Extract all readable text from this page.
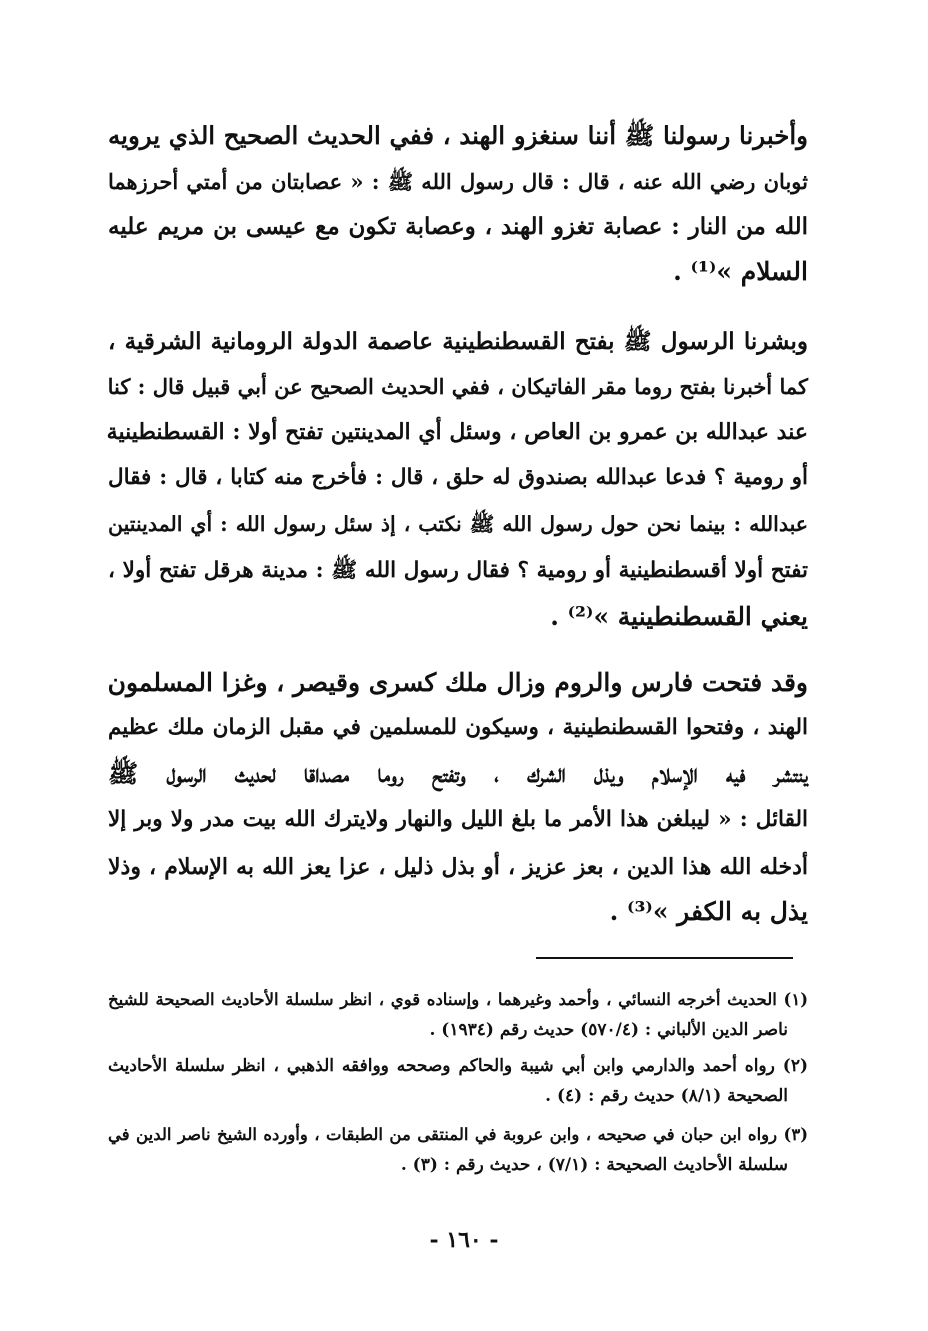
وأخبرنا رسولنا ﷺ أننا سنغزو الهند ، ففي الحديث الصحيح الذي يرويه
ثوبان رضي الله عنه ، قال : قال رسول الله ﷺ : « عصابتان من أمتي أحرزهما
الله من النار : عصابة تغزو الهند ، وعصابة تكون مع عيسى بن مريم عليه
السلام »⁽¹⁾ .
وبشرنا الرسول ﷺ بفتح القسطنطينية عاصمة الدولة الرومانية الشرقية ،
كما أخبرنا بفتح روما مقر الفاتيكان ، ففي الحديث الصحيح عن أبي قبيل قال : كنا
عند عبدالله بن عمرو بن العاص ، وسئل أي المدينتين تفتح أولا : القسطنطينية
أو رومية ؟ فدعا عبدالله بصندوق له حلق ، قال : فأخرج منه كتابا ، قال : فقال
عبدالله : بينما نحن حول رسول الله ﷺ نكتب ، إذ سئل رسول الله : أي المدينتين
تفتح أولا أقسطنطينية أو رومية ؟ فقال رسول الله ﷺ : مدينة هرقل تفتح أولا ،
يعني القسطنطينية »⁽²⁾ .
وقد فتحت فارس والروم وزال ملك كسرى وقيصر ، وغزا المسلمون
الهند ، وفتحوا القسطنطينية ، وسيكون للمسلمين في مقبل الزمان ملك عظيم
ينتشر فيه الإسلام ويذل الشرك ، وتفتح روما مصداقا لحديث الرسول ﷺ
القائل : « ليبلغن هذا الأمر ما بلغ الليل والنهار ولايترك الله بيت مدر ولا وبر إلا
أدخله الله هذا الدين ، بعز عزيز ، أو بذل ذليل ، عزا يعز الله به الإسلام ، وذلا
يذل به الكفر »⁽³⁾ .
(١) الحديث أخرجه النسائي ، وأحمد وغيرهما ، وإسناده قوي ، انظر سلسلة الأحاديث الصحيحة للشيخ
ناصر الدين الألباني : (٥٧٠/٤) حديث رقم (١٩٣٤) .
(٢) رواه أحمد والدارمي وابن أبي شيبة والحاكم وصححه ووافقه الذهبي ، انظر سلسلة الأحاديث
الصحيحة (٨/١) حديث رقم : (٤) .
(٣) رواه ابن حبان في صحيحه ، وابن عروبة في المنتقى من الطبقات ، وأورده الشيخ ناصر الدين في
سلسلة الأحاديث الصحيحة : (٧/١) ، حديث رقم : (٣) .
- ١٦٠ -
